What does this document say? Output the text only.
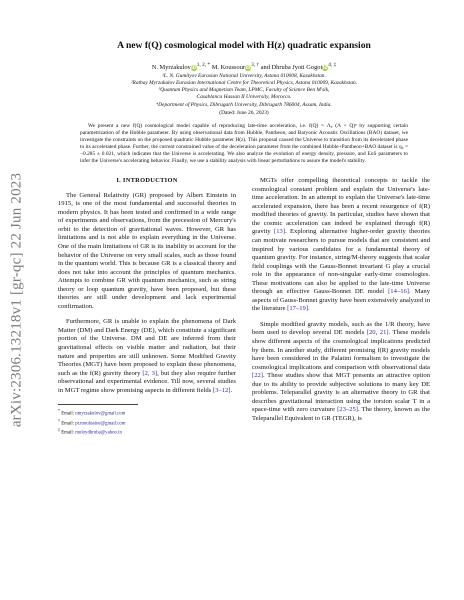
arXiv:2306.13218v1 [gr-qc] 22 Jun 2023
A new f(Q) cosmological model with H(z) quadratic expansion
N. MyrzakuloviD$^{1, 2, *}$ M. KoussouriD$^{3, \dagger}$ and Dhruba Jyoti GogoiiD$^{4, \ddagger}$
¹L. N. Gumilyov Eurasian National University, Astana 010008, Kazakhstan.
²Ratbay Myrzakulov Eurasian International Centre for Theoretical Physics, Astana 010009, Kazakhstan.
³Quantum Physics and Magnetism Team, LPMC, Faculty of Science Ben M'sik,
Casablanca Hassan II University, Morocco.
⁴Department of Physics, Dibrugarh University, Dibrugarh 786004, Assam, India.
(Dated: June 26, 2023)
We present a new f(Q) cosmological model capable of reproducing late-time acceleration, i.e. f(Q) = Λ₀ (Λ + Q)ⁿ by supporting certain parametrization of the Hubble parameter. By using observational data from Hubble, Pantheon, and Baryonic Acoustic Oscillations (BAO) dataset, we investigate the constraints on the proposed quadratic Hubble parameter H(z). This proposal caused the Universe to transition from its decelerated phase to its accelerated phase. Further, the current constrained value of the deceleration parameter from the combined Hubble+Pantheon+BAO dataset is q₀ = −0.285 ± 0.021, which indicates that the Universe is accelerating. We also analyze the evolution of energy density, pressure, and EoS parameters to infer the Universe's accelerating behavior. Finally, we use a stability analysis with linear perturbations to assure the model's stability.
I. INTRODUCTION

The General Relativity (GR) proposed by Albert Einstein in 1915, is one of the most fundamental and successful theories in modern physics. It has been tested and confirmed in a wide range of experiments and observations, from the precession of Mercury's orbit to the detection of gravitational waves. However, GR has limitations and is not able to explain everything in the Universe. One of the main limitations of GR is its inability to account for the behavior of the Universe on very small scales, such as those found in the quantum world. This is because GR is a classical theory and does not take into account the principles of quantum mechanics. Attempts to combine GR with quantum mechanics, such as string theory or loop quantum gravity, have been proposed, but these theories are still under development and lack experimental confirmation.

Furthermore, GR is unable to explain the phenomena of Dark Matter (DM) and Dark Energy (DE), which constitute a significant portion of the Universe. DM and DE are inferred from their gravitational effects on visible matter and radiation, but their nature and properties are still unknown. Some Modified Gravity Theories (MGT) have been proposed to explain these phenomena, such as the f(R) gravity theory [2, 3], but they also require further observational and experimental evidence. Till now, several studies in MGT regime show promising aspects in different fields [3–12].

* Email: nmyrzakulov@gmail.com
† Email: pr.mouhssine@gmail.com
‡ Email: moloydhruba@yahoo.in

MGTs offer compelling theoretical concepts to tackle the cosmological constant problem and explain the Universe's late-time acceleration. In an attempt to explain the Universe's late-time accelerated expansion, there has been a recent resurgence of f(R) modified theories of gravity. In particular, studies have shown that the cosmic acceleration can indeed be explained through f(R) gravity [13]. Exploring alternative higher-order gravity theories can motivate researchers to pursue models that are consistent and inspired by various candidates for a fundamental theory of quantum gravity. For instance, string/M-theory suggests that scalar field couplings with the Gauss-Bonnet invariant G play a crucial role in the appearance of non-singular early-time cosmologies. These motivations can also be applied to the late-time Universe through an effective Gauss-Bonnet DE model [14–16]. Many aspects of Gauss-Bonnet gravity have been extensively analyzed in the literature [17–19].

Simple modified gravity models, such as the 1/R theory, have been used to develop several DE models [20, 21]. These models show different aspects of the cosmological implications predicted by them. In another study, different promising f(R) gravity models have been considered in the Palatini formalism to investigate the cosmological implications and comparison with observational data [22]. These studies show that MGT presents an attractive option due to its ability to provide subjective solutions to many key DE problems. Teleparallel gravity is an alternative theory to GR that describes gravitational interaction using the torsion scalar T in a space-time with zero curvature [23–25]. The theory, known as the Teleparallel Equivalent to GR (TEGR), is
